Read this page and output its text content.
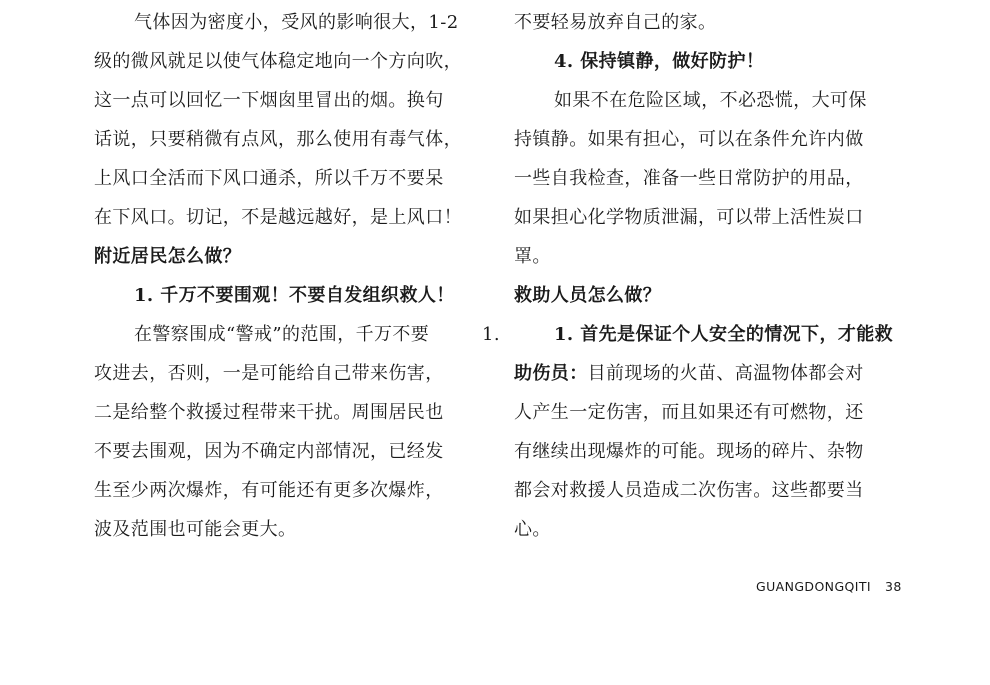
气体因为密度小，受风的影响很大，1-2
级的微风就足以使气体稳定地向一个方向吹，
这一点可以回忆一下烟囱里冒出的烟。换句
话说，只要稍微有点风，那么使用有毒气体，
上风口全活而下风口通杀，所以千万不要呆
在下风口。切记，不是越远越好，是上风口！
附近居民怎么做？
1. 千万不要围观！不要自发组织救人！
在警察围成“警戒”的范围，千万不要
攻进去，否则，一是可能给自己带来伤害，
二是给整个救援过程带来干扰。周围居民也
不要去围观，因为不确定内部情况，已经发
生至少两次爆炸，有可能还有更多次爆炸，
波及范围也可能会更大。
1.
不要轻易放弃自己的家。
4. 保持镇静，做好防护！
如果不在危险区域，不必恐慌，大可保
持镇静。如果有担心，可以在条件允许内做
一些自我检查，准备一些日常防护的用品，
如果担心化学物质泄漏，可以带上活性炭口
罩。
救助人员怎么做？
1. 首先是保证个人安全的情况下，才能救
助伤员：目前现场的火苗、高温物体都会对
人产生一定伤害，而且如果还有可燃物，还
有继续出现爆炸的可能。现场的碎片、杂物
都会对救援人员造成二次伤害。这些都要当
心。
GUANGDONGQITI 38
